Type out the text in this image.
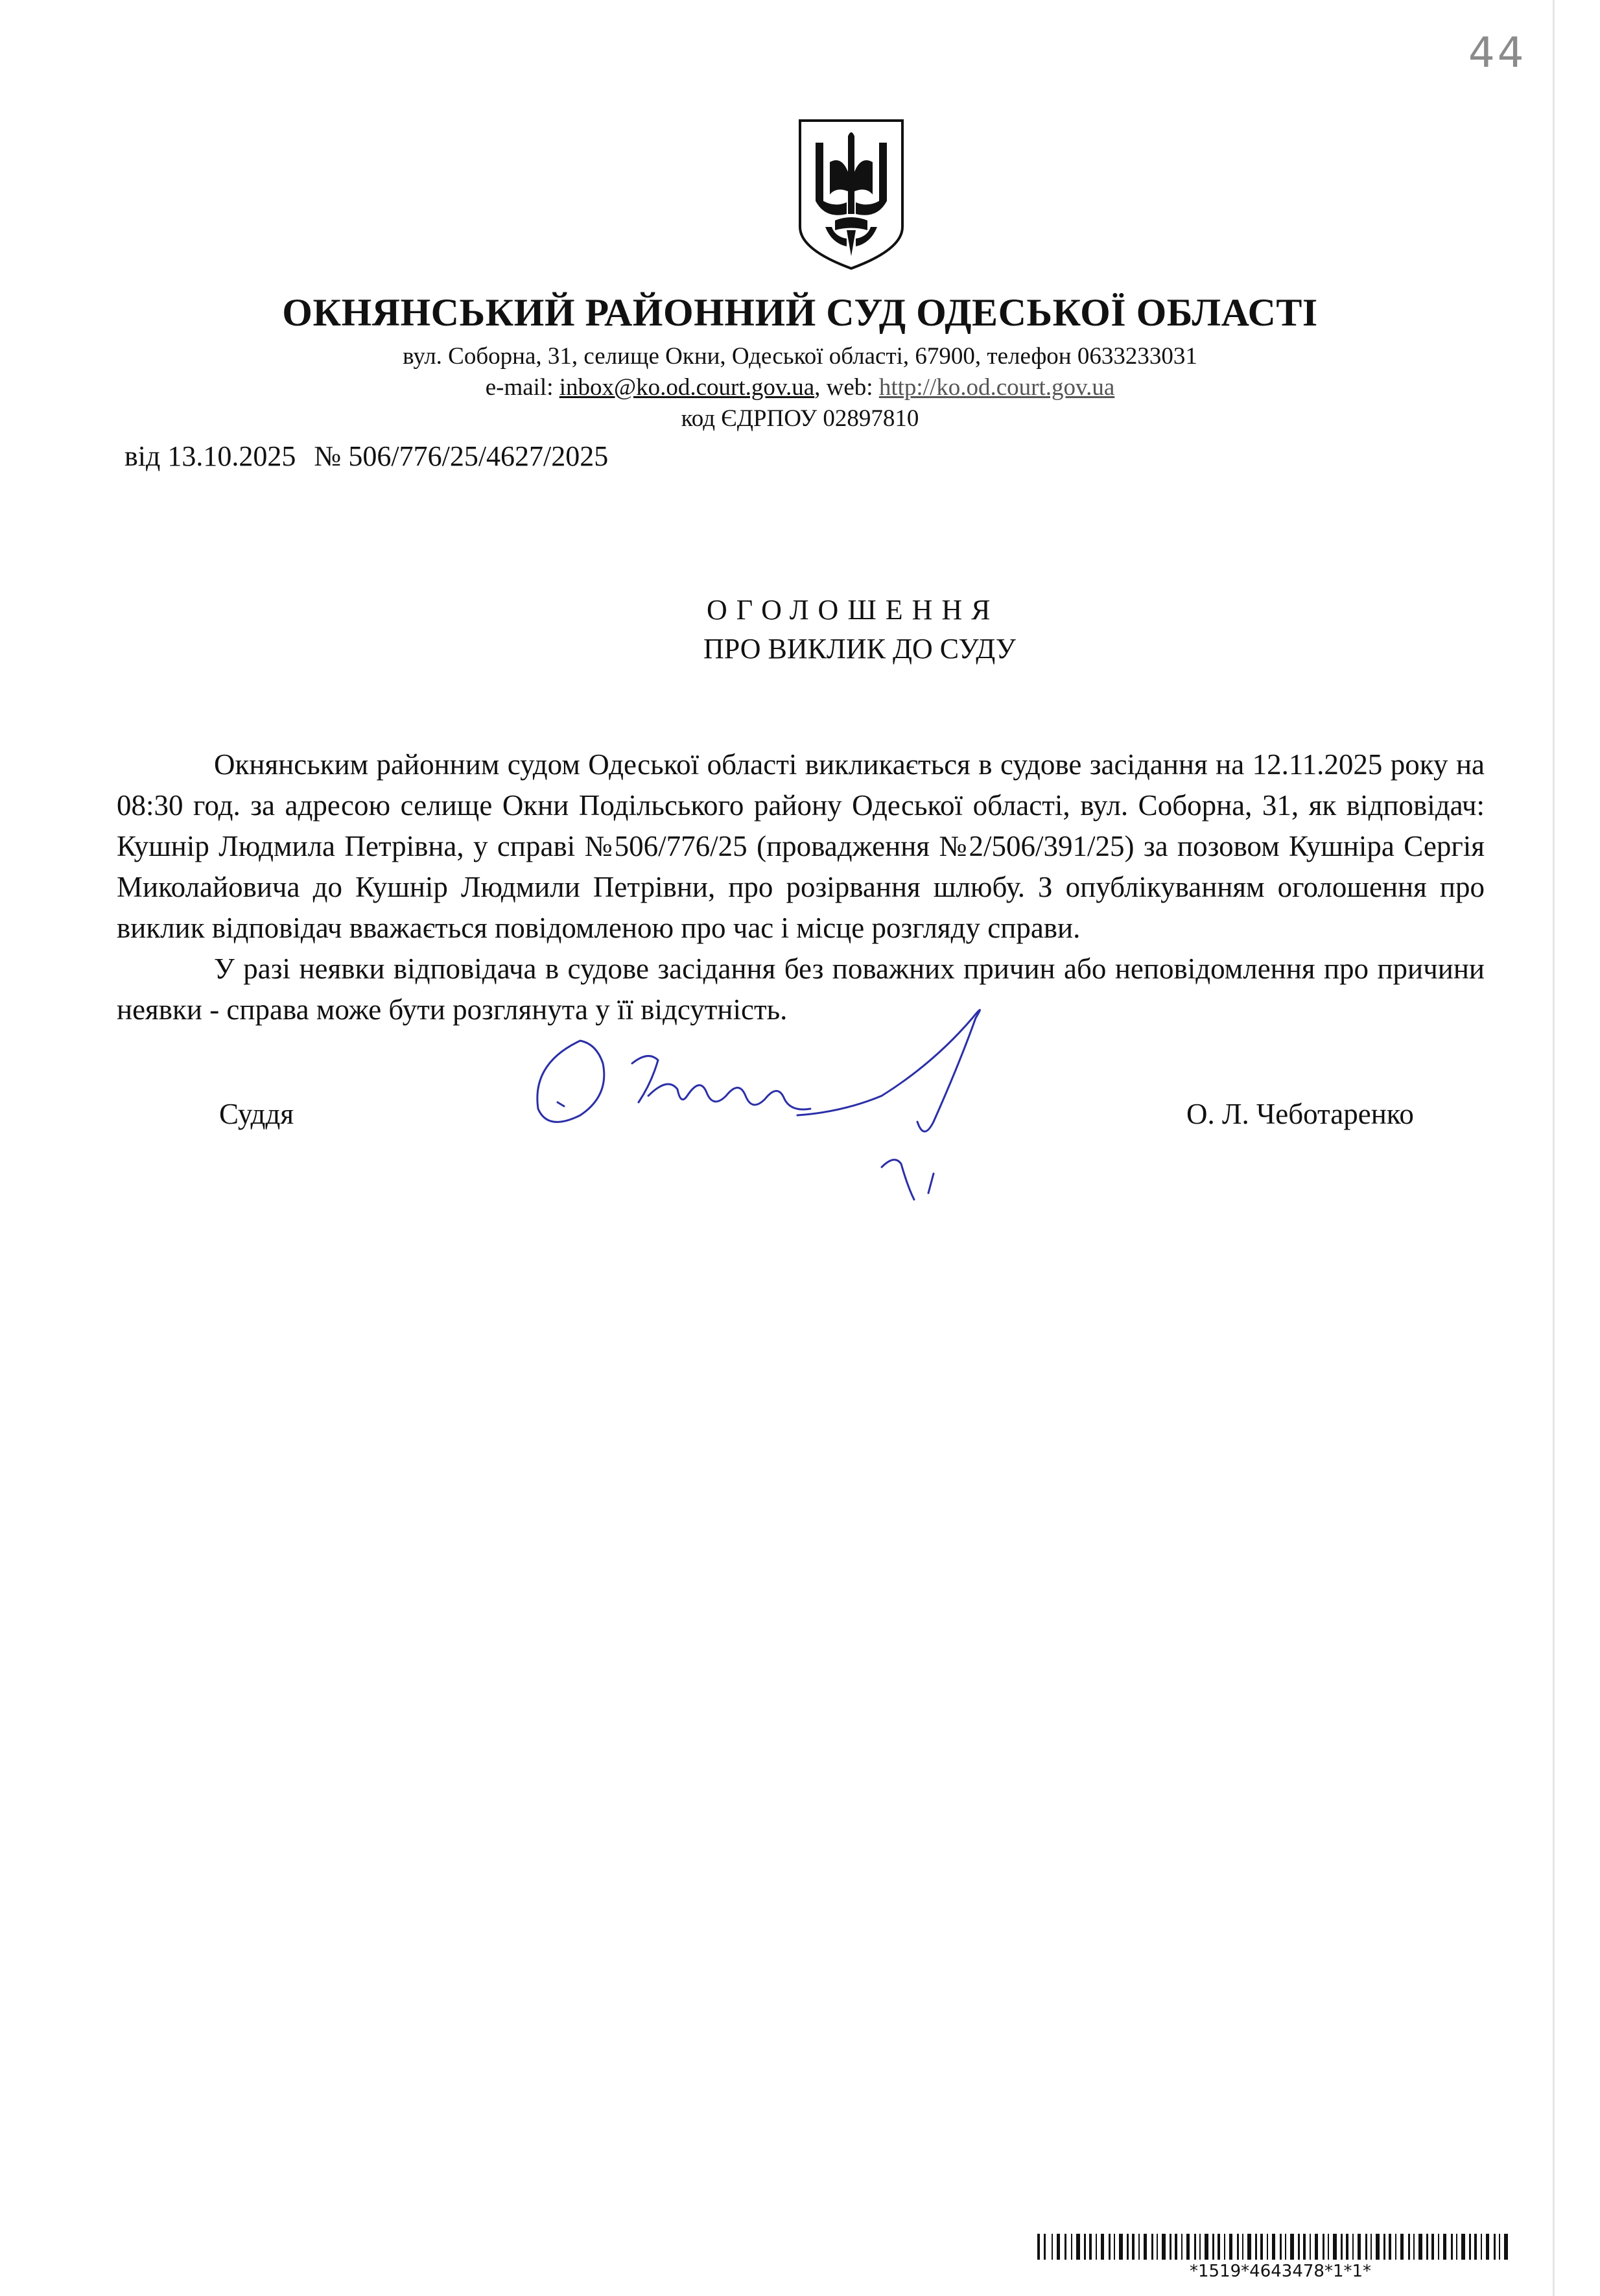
44
ОКНЯНСЬКИЙ РАЙОННИЙ СУД ОДЕСЬКОЇ ОБЛАСТІ
вул. Соборна, 31, селище Окни, Одеської області, 67900, телефон 0633233031
e-mail: inbox@ko.od.court.gov.ua, web: http://ko.od.court.gov.ua
код ЄДРПОУ 02897810
від 13.10.2025 № 506/776/25/4627/2025
ОГОЛОШЕННЯ
ПРО ВИКЛИК ДО СУДУ

Окнянським районним судом Одеської області викликається в судове засідання на 12.11.2025 року на 08:30 год. за адресою селище Окни Подільського району Одеської області, вул. Соборна, 31, як відповідач: Кушнір Людмила Петрівна, у справі №506/776/25 (провадження №2/506/391/25) за позовом Кушніра Сергія Миколайовича до Кушнір Людмили Петрівни, про розірвання шлюбу. З опублікуванням оголошення про виклик відповідач вважається повідомленою про час і місце розгляду справи.

У разі неявки відповідача в судове засідання без поважних причин або неповідомлення про причини неявки - справа може бути розглянута у її відсутність.

Суддя	О. Л. Чеботаренко
*1519*4643478*1*1*
